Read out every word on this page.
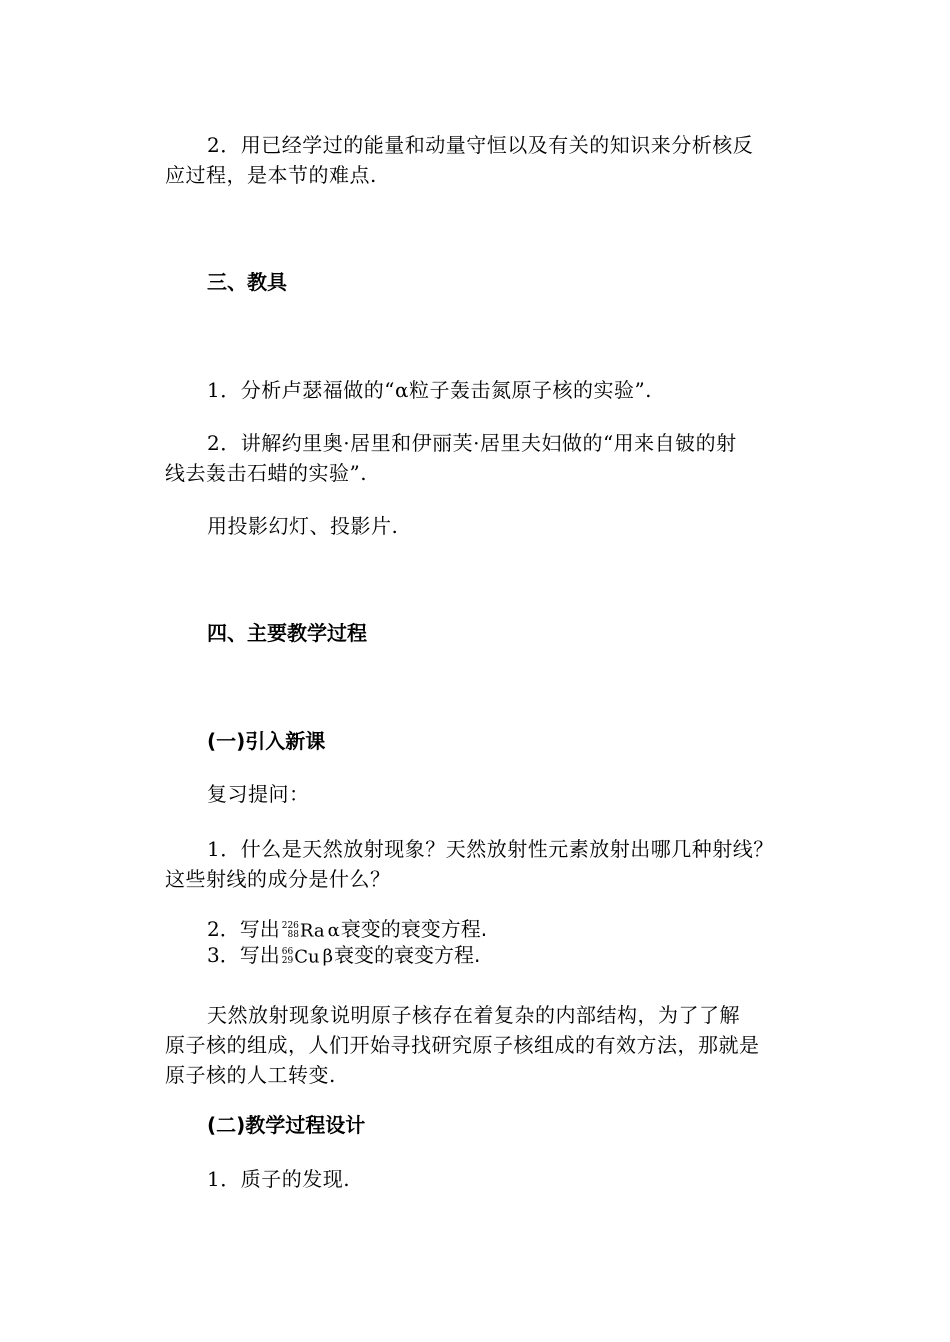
2．用已经学过的能量和动量守恒以及有关的知识来分析核反
应过程，是本节的难点.
三、教具
1．分析卢瑟福做的“α粒子轰击氮原子核的实验”.
2．讲解约里奥·居里和伊丽芙·居里夫妇做的“用来自铍的射
线去轰击石蜡的实验”.
用投影幻灯、投影片.
四、主要教学过程
(一)引入新课
复习提问：
1．什么是天然放射现象？天然放射性元素放射出哪几种射线？
这些射线的成分是什么？
2．写出 226
88 Ra α衰变的衰变方程.
3．写出 66
29 Cu β衰变的衰变方程.
天然放射现象说明原子核存在着复杂的内部结构，为了了解
原子核的组成，人们开始寻找研究原子核组成的有效方法，那就是
原子核的人工转变.
(二)教学过程设计
1．质子的发现.
